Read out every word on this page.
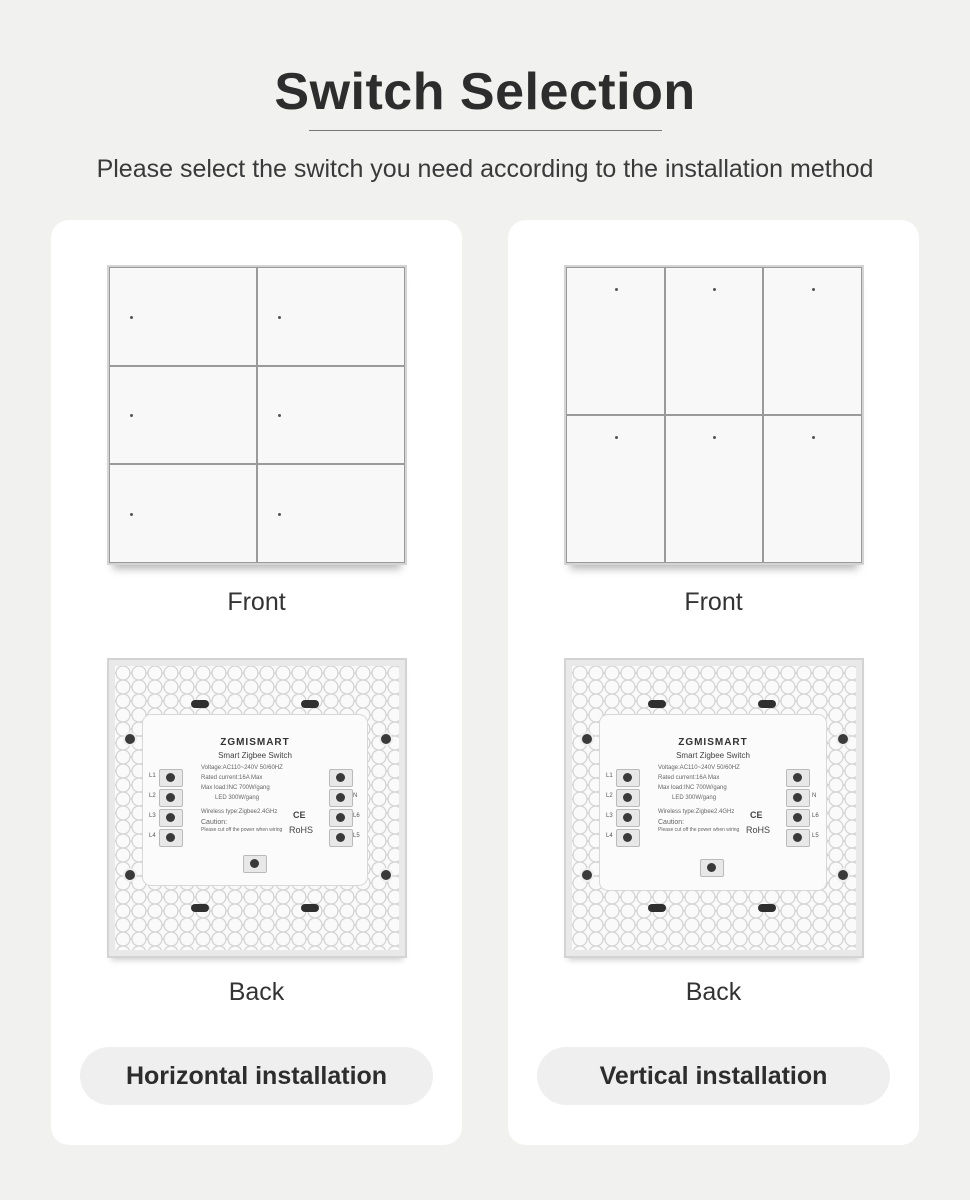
Switch Selection
Please select the switch you need according to the installation method
Front
ZGMISMART
Smart Zigbee Switch
Voltage:AC110~240V 50/60HZ
Rated current:16A Max
Max load:INC 700W/gang
LED 300W/gang
Wireless type:Zigbee2.4GHz CE
RoHS
Caution:
Please cut off the power when wiring
L1
L2
L3
L4
N
L6
L5
Back
Horizontal installation
Front
ZGMISMART
Smart Zigbee Switch
Voltage:AC110~240V 50/60HZ
Rated current:16A Max
Max load:INC 700W/gang
LED 300W/gang
Wireless type:Zigbee2.4GHz CE
RoHS
Caution:
Please cut off the power when wiring
L1
L2
L3
L4
N
L6
L5
Back
Vertical installation
